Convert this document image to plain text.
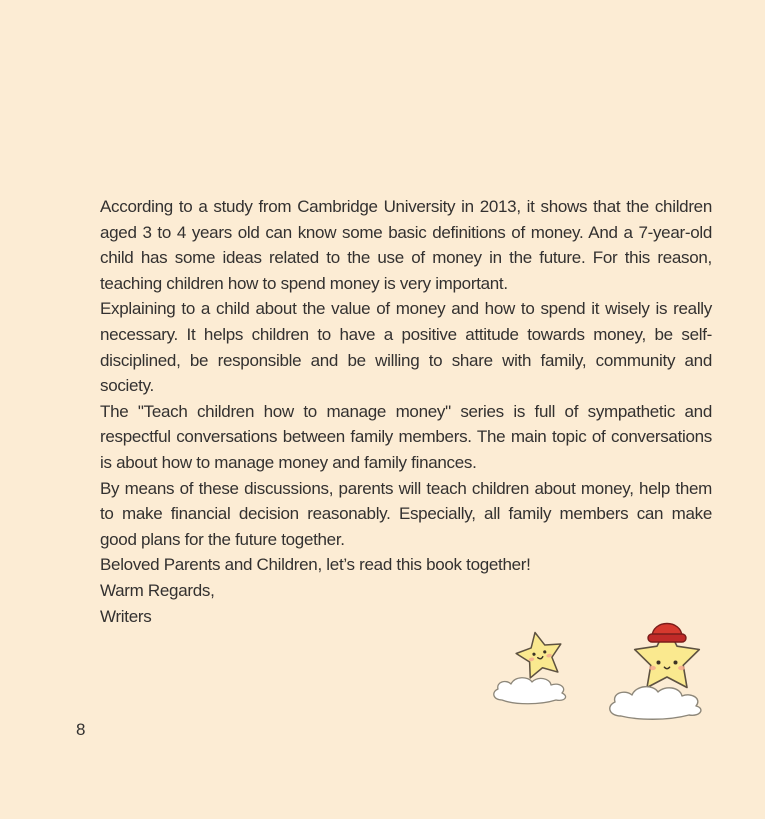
According to a study from Cambridge University in 2013, it shows that the children aged 3 to 4 years old can know some basic definitions of money. And a 7-year-old child has some ideas related to the use of money in the future. For this reason, teaching children how to spend money is very important.

Explaining to a child about the value of money and how to spend it wisely is really necessary. It helps children to have a positive attitude towards money, be self-disciplined, be responsible and be willing to share with family, community and society.

The "Teach children how to manage money" series is full of sympathetic and respectful conversations between family members. The main topic of conversations is about how to manage money and family finances.

By means of these discussions, parents will teach children about money, help them to make financial decision reasonably. Especially, all family members can make good plans for the future together.

Beloved Parents and Children, let’s read this book together!

Warm Regards,

Writers

8
